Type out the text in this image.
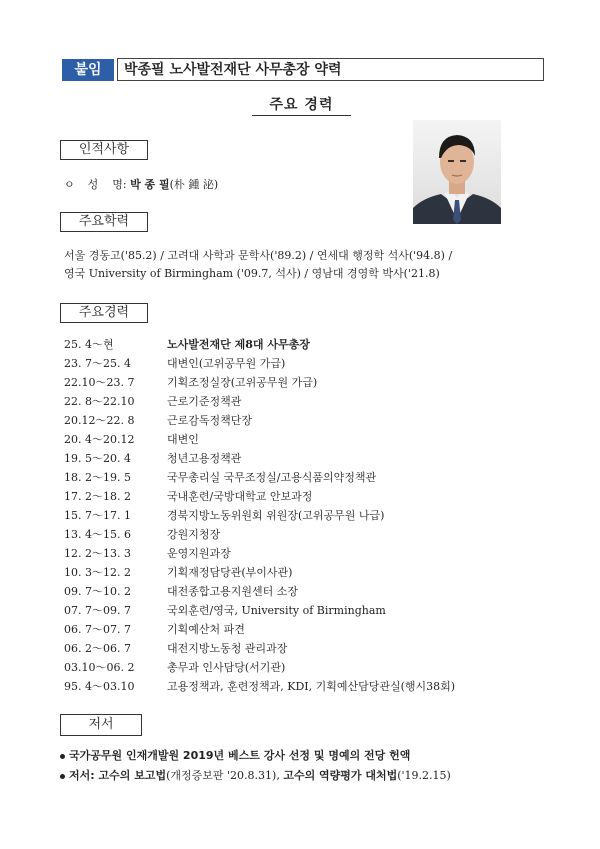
붙임	박종필 노사발전재단 사무총장 약력
주요 경력
인적사항
ㅇ 성    명: 박 종 필(朴 鍾 泌)
주요학력
서울 경동고('85.2) / 고려대 사학과 문학사('89.2) / 연세대 행정학 석사('94.8) /
영국 University of Birmingham ('09.7, 석사) / 영남대 경영학 박사('21.8)
주요경력
25. 4～현	노사발전재단 제8대 사무총장
23. 7～25. 4	대변인(고위공무원 가급)
22.10～23. 7	기획조정실장(고위공무원 가급)
22. 8～22.10	근로기준정책관
20.12～22. 8	근로감독정책단장
20. 4～20.12	대변인
19. 5～20. 4	청년고용정책관
18. 2～19. 5	국무총리실 국무조정실/고용식품의약정책관
17. 2～18. 2	국내훈련/국방대학교 안보과정
15. 7～17. 1	경북지방노동위원회 위원장(고위공무원 나급)
13. 4～15. 6	강원지청장
12. 2～13. 3	운영지원과장
10. 3～12. 2	기획재정담당관(부이사관)
09. 7～10. 2	대전종합고용지원센터 소장
07. 7～09. 7	국외훈련/영국, University of Birmingham
06. 7～07. 7	기획예산처 파견
06. 2～06. 7	대전지방노동청 관리과장
03.10～06. 2	총무과 인사담당(서기관)
95. 4～03.10	고용정책과, 훈련정책과, KDI, 기획예산담당관실(행시38회)
저서
국가공무원 인재개발원 2019년 베스트 강사 선정 및 명예의 전당 헌액
저서: 고수의 보고법(개정증보판 '20.8.31), 고수의 역량평가 대처법('19.2.15)
